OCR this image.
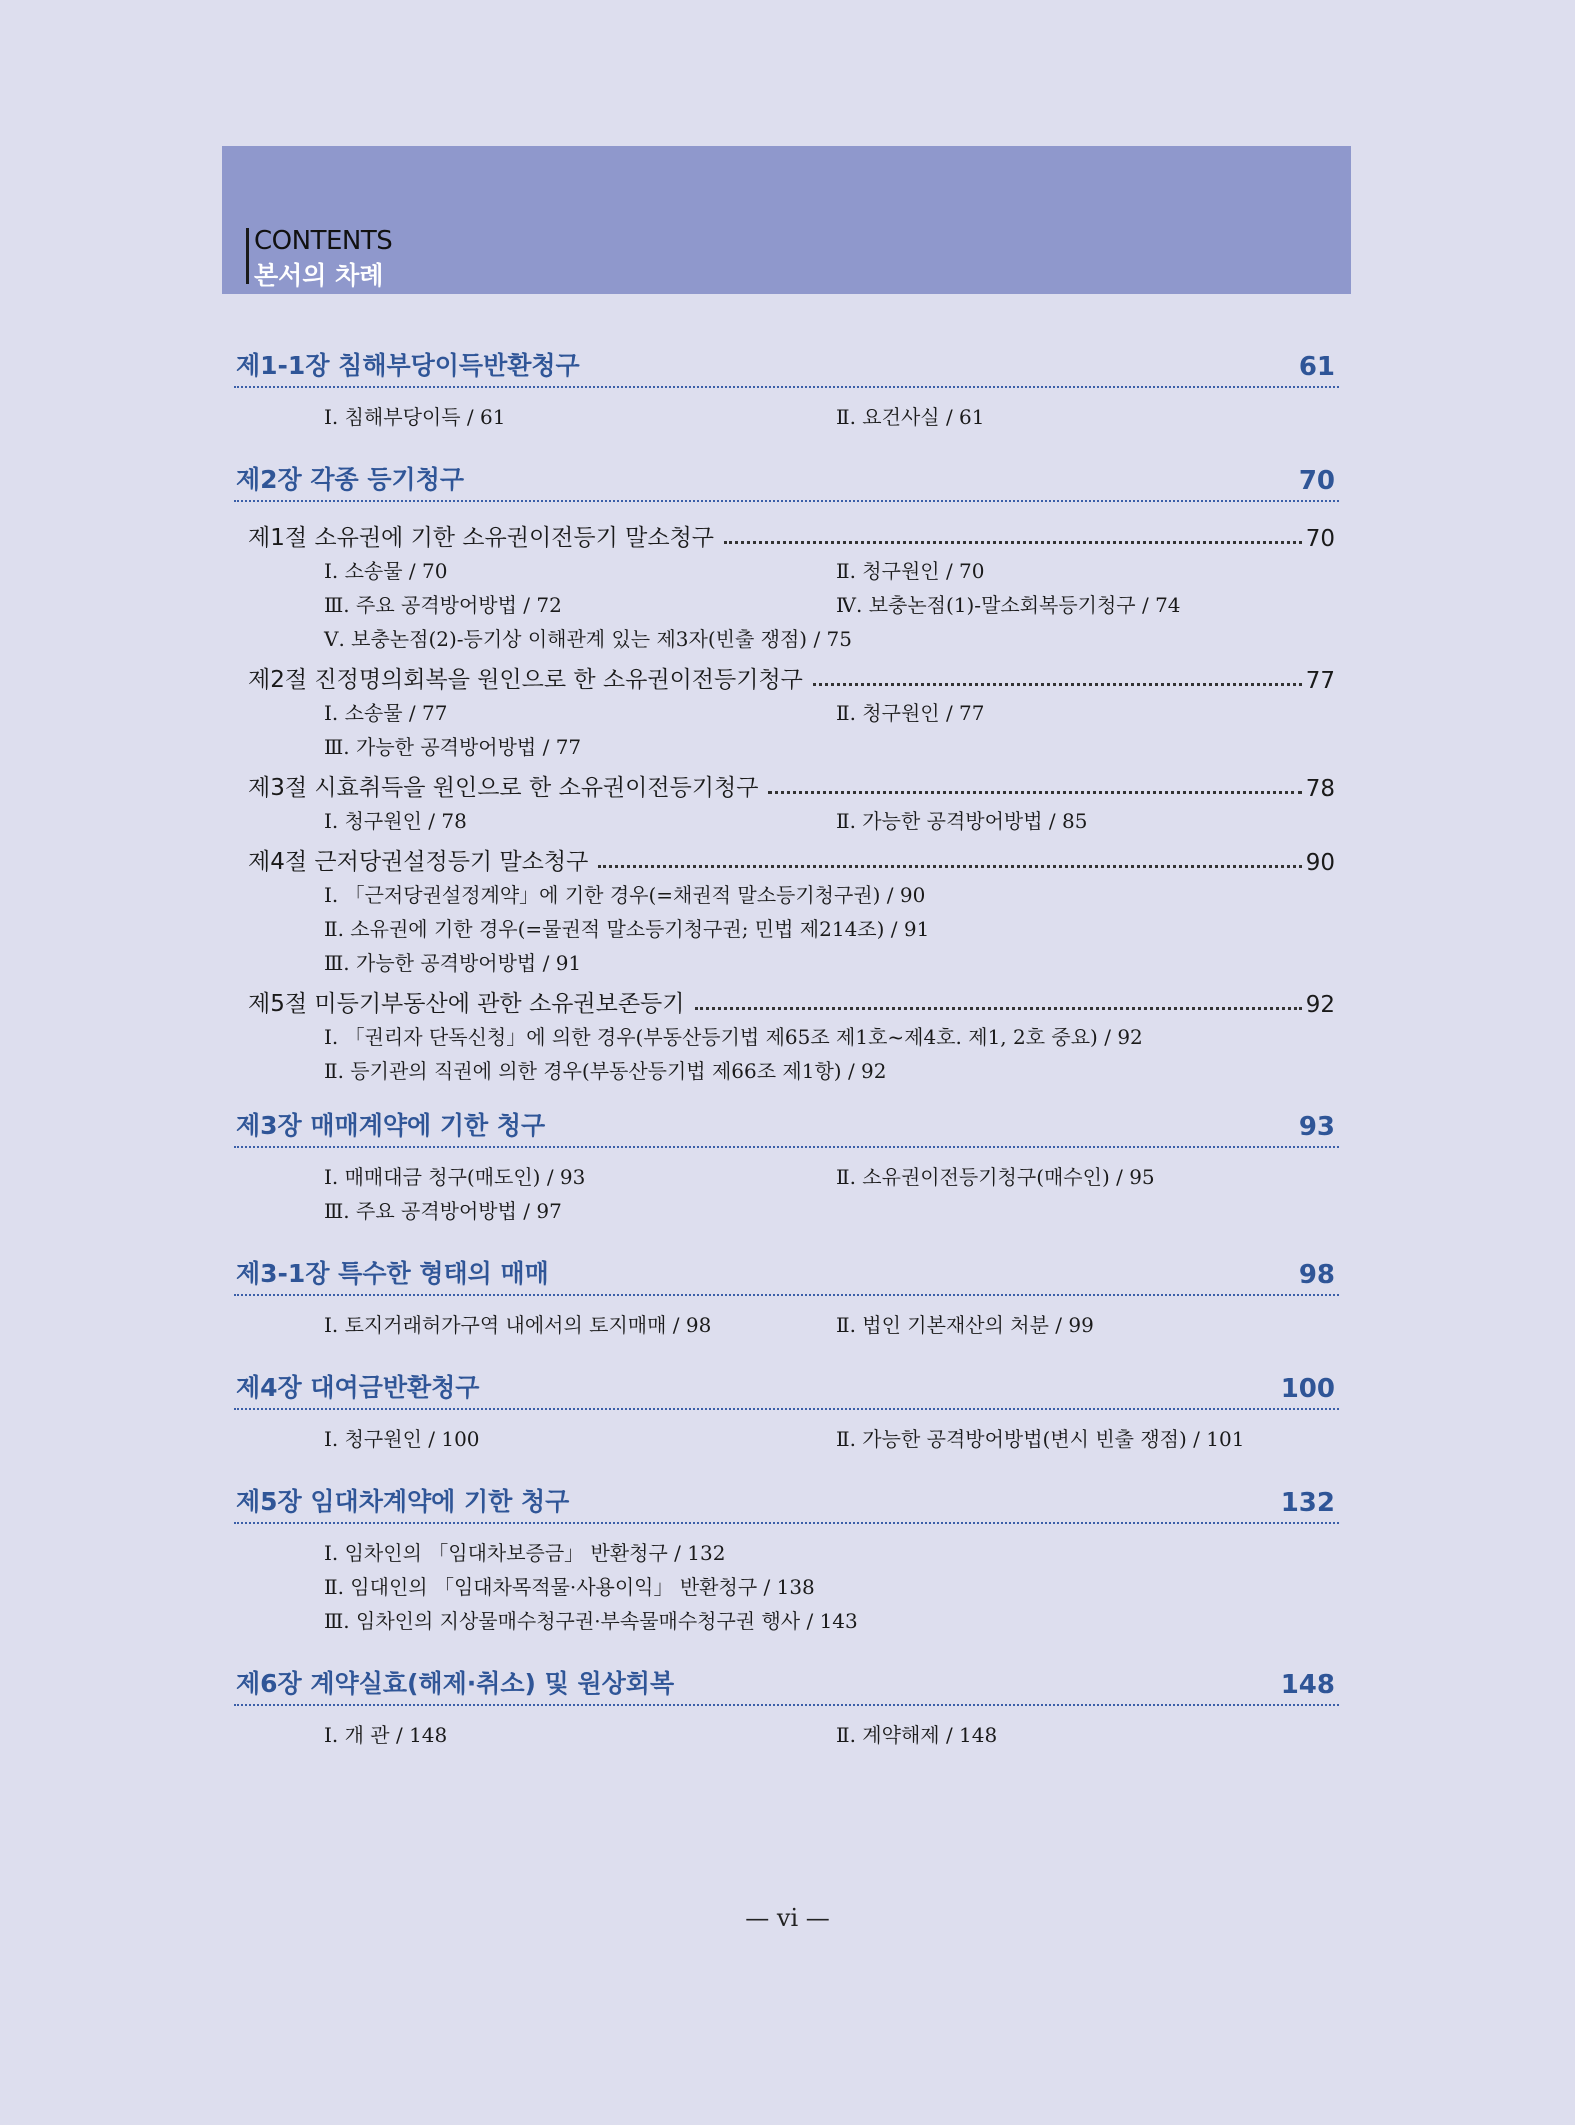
CONTENTS
본서의 차례
제1-1장 침해부당이득반환청구	61
Ⅰ. 침해부당이득 / 61	Ⅱ. 요건사실 / 61
제2장 각종 등기청구	70
제1절 소유권에 기한 소유권이전등기 말소청구	70
Ⅰ. 소송물 / 70	Ⅱ. 청구원인 / 70
Ⅲ. 주요 공격방어방법 / 72	Ⅳ. 보충논점(1)-말소회복등기청구 / 74
Ⅴ. 보충논점(2)-등기상 이해관계 있는 제3자(빈출 쟁점) / 75
제2절 진정명의회복을 원인으로 한 소유권이전등기청구	77
Ⅰ. 소송물 / 77	Ⅱ. 청구원인 / 77
Ⅲ. 가능한 공격방어방법 / 77
제3절 시효취득을 원인으로 한 소유권이전등기청구	78
Ⅰ. 청구원인 / 78	Ⅱ. 가능한 공격방어방법 / 85
제4절 근저당권설정등기 말소청구	90
Ⅰ. 「근저당권설정계약」에 기한 경우(=채권적 말소등기청구권) / 90
Ⅱ. 소유권에 기한 경우(=물권적 말소등기청구권; 민법 제214조) / 91
Ⅲ. 가능한 공격방어방법 / 91
제5절 미등기부동산에 관한 소유권보존등기	92
Ⅰ. 「권리자 단독신청」에 의한 경우(부동산등기법 제65조 제1호~제4호. 제1, 2호 중요) / 92
Ⅱ. 등기관의 직권에 의한 경우(부동산등기법 제66조 제1항) / 92
제3장 매매계약에 기한 청구	93
Ⅰ. 매매대금 청구(매도인) / 93	Ⅱ. 소유권이전등기청구(매수인) / 95
Ⅲ. 주요 공격방어방법 / 97
제3-1장 특수한 형태의 매매	98
Ⅰ. 토지거래허가구역 내에서의 토지매매 / 98	Ⅱ. 법인 기본재산의 처분 / 99
제4장 대여금반환청구	100
Ⅰ. 청구원인 / 100	Ⅱ. 가능한 공격방어방법(변시 빈출 쟁점) / 101
제5장 임대차계약에 기한 청구	132
Ⅰ. 임차인의 「임대차보증금」 반환청구 / 132
Ⅱ. 임대인의 「임대차목적물·사용이익」 반환청구 / 138
Ⅲ. 임차인의 지상물매수청구권·부속물매수청구권 행사 / 143
제6장 계약실효(해제·취소) 및 원상회복	148
Ⅰ. 개 관 / 148	Ⅱ. 계약해제 / 148
— vi —
